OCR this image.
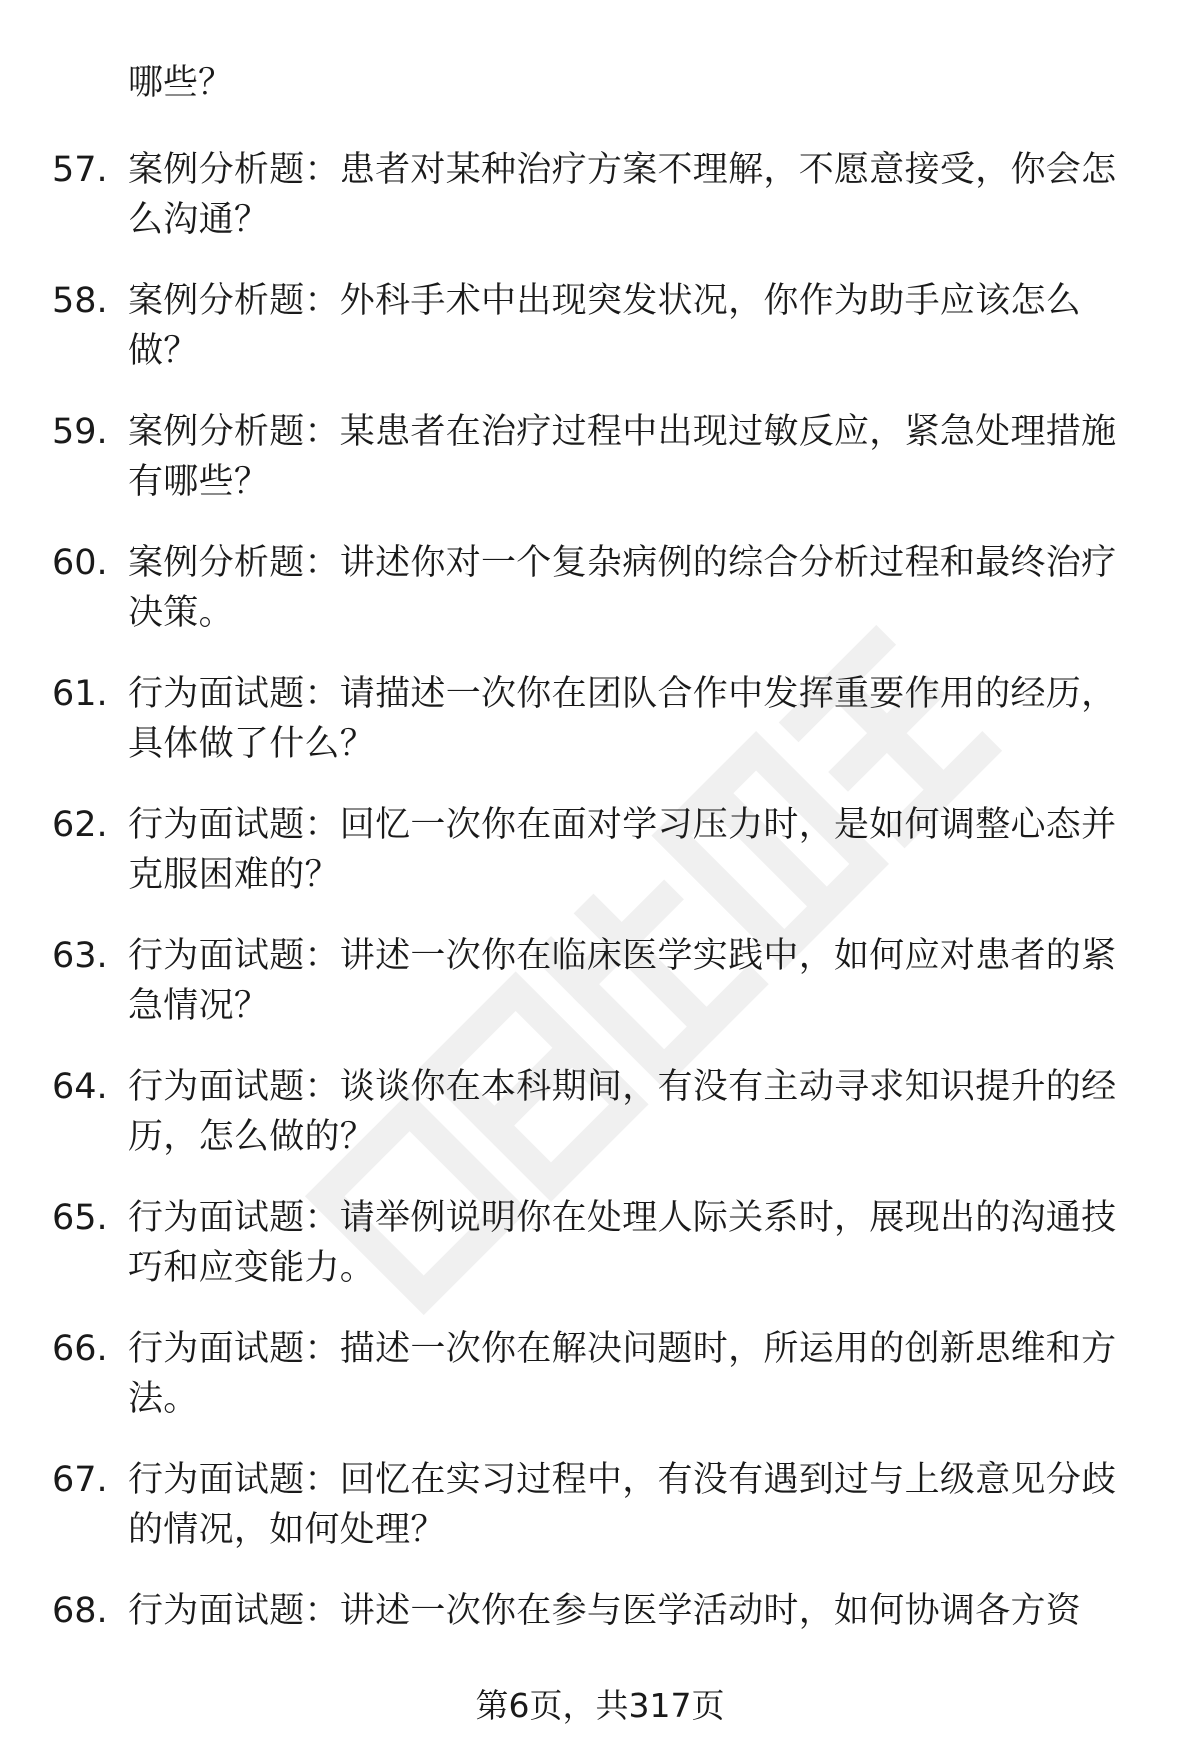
哪些？
57. 案例分析题：患者对某种治疗方案不理解，不愿意接受，你会怎么沟通？
58. 案例分析题：外科手术中出现突发状况，你作为助手应该怎么做？
59. 案例分析题：某患者在治疗过程中出现过敏反应，紧急处理措施有哪些？
60. 案例分析题：讲述你对一个复杂病例的综合分析过程和最终治疗决策。
61. 行为面试题：请描述一次你在团队合作中发挥重要作用的经历，具体做了什么？
62. 行为面试题：回忆一次你在面对学习压力时，是如何调整心态并克服困难的？
63. 行为面试题：讲述一次你在临床医学实践中，如何应对患者的紧急情况？
64. 行为面试题：谈谈你在本科期间，有没有主动寻求知识提升的经历，怎么做的？
65. 行为面试题：请举例说明你在处理人际关系时，展现出的沟通技巧和应变能力。
66. 行为面试题：描述一次你在解决问题时，所运用的创新思维和方法。
67. 行为面试题：回忆在实习过程中，有没有遇到过与上级意见分歧的情况，如何处理？
68. 行为面试题：讲述一次你在参与医学活动时，如何协调各方资
第6页，共317页
